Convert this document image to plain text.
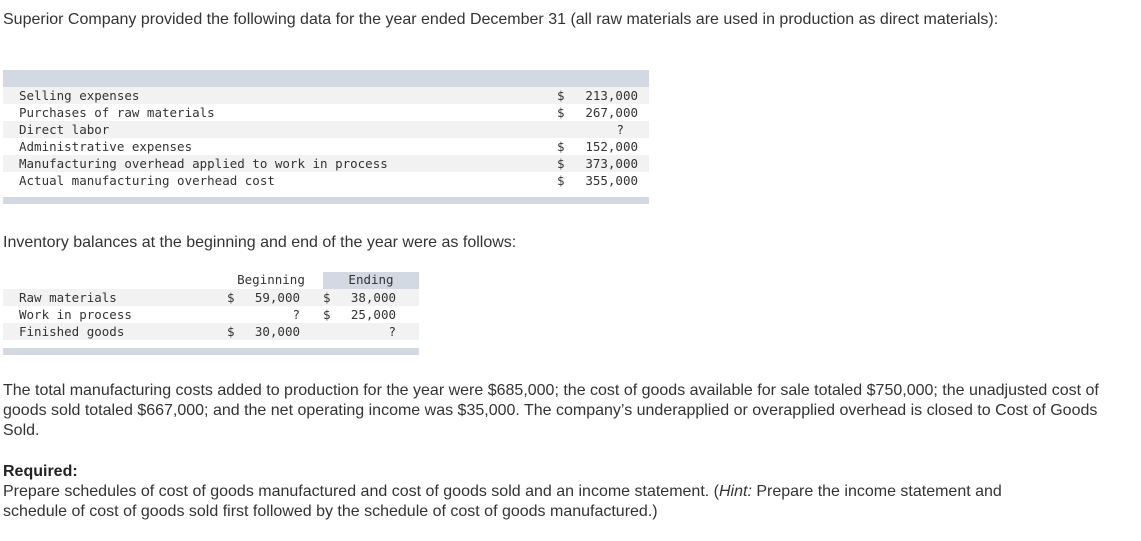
Superior Company provided the following data for the year ended December 31 (all raw materials are used in production as direct materials):

Selling expenses	$ 213,000
Purchases of raw materials	$ 267,000
Direct labor	?
Administrative expenses	$ 152,000
Manufacturing overhead applied to work in process	$ 373,000
Actual manufacturing overhead cost	$ 355,000

Inventory balances at the beginning and end of the year were as follows:

Beginning	Ending
Raw materials	$ 59,000 $ 38,000
Work in process	? $ 25,000
Finished goods	$ 30,000	?

The total manufacturing costs added to production for the year were $685,000; the cost of goods available for sale totaled $750,000; the unadjusted cost of goods sold totaled $667,000; and the net operating income was $35,000. The company’s underapplied or overapplied overhead is closed to Cost of Goods Sold.

Required:
Prepare schedules of cost of goods manufactured and cost of goods sold and an income statement. (Hint: Prepare the income statement and schedule of cost of goods sold first followed by the schedule of cost of goods manufactured.)
